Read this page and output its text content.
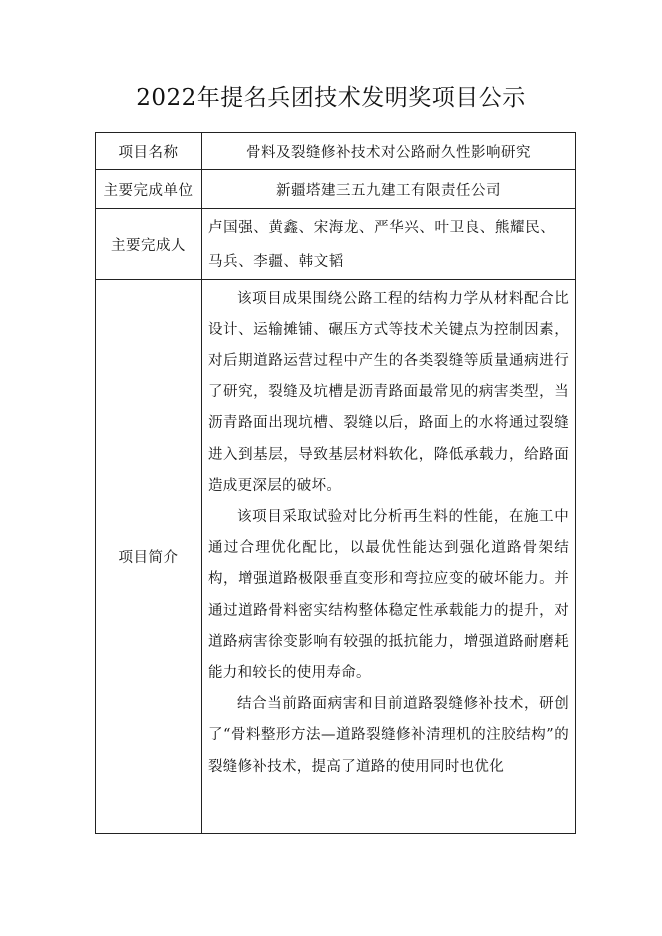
2022年提名兵团技术发明奖项目公示
项目名称	骨料及裂缝修补技术对公路耐久性影响研究
主要完成单位	新疆塔建三五九建工有限责任公司
主要完成人	卢国强、黄鑫、宋海龙、严华兴、叶卫良、熊耀民、马兵、李疆、韩文韬

项目简介	该项目成果围绕公路工程的结构力学从材料配合比设计、运输摊铺、碾压方式等技术关键点为控制因素，对后期道路运营过程中产生的各类裂缝等质量通病进行了研究，裂缝及坑槽是沥青路面最常见的病害类型，当沥青路面出现坑槽、裂缝以后，路面上的水将通过裂缝进入到基层，导致基层材料软化，降低承载力，给路面造成更深层的破坏。

该项目采取试验对比分析再生料的性能，在施工中通过合理优化配比，以最优性能达到强化道路骨架结构，增强道路极限垂直变形和弯拉应变的破坏能力。并通过道路骨料密实结构整体稳定性承载能力的提升，对道路病害徐变影响有较强的抵抗能力，增强道路耐磨耗能力和较长的使用寿命。

结合当前路面病害和目前道路裂缝修补技术，研创了“骨料整形方法—道路裂缝修补清理机的注胶结构”的裂缝修补技术，提高了道路的使用同时也优化
